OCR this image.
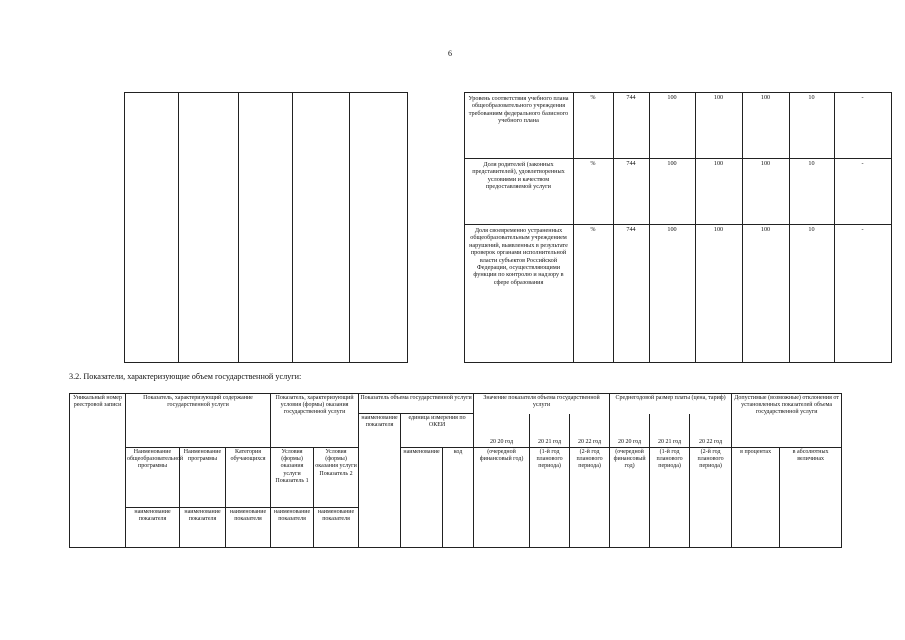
6
							Уровень соответствия учебного плана общеобразовательного учреждения требованиям федерального базисного учебного плана	%	744	100	100	100	10	-
							Доля родителей (законных представителей), удовлетворенных условиями и качеством предоставляемой услуги	%	744	100	100	100	10	-
							Доля своевременно устраненных общеобразовательным учреждением нарушений, выявленных в результате проверок органами исполнительной власти субъектов Российской Федерации, осуществляющими функции по контролю и надзору в сфере образования	%	744	100	100	100	10	-
3.2. Показатели, характеризующие объем государственной услуги:
Уникальный номер реестровой записи	Показатель, характеризующий содержание государственной услуги			Показатель, характеризующий условия (формы) оказания государственной услуги		Показатель объема государственной услуги			Значение показателя объема государственной услуги			Среднегодовой размер платы (цена, тариф)			Допустимые (возможные) отклонения от установленных показателей объема государственной услуги	
						наименование показателя	единица измерения по ОКЕИ		20 20 год	20 21 год	20 22 год	20 20 год	20 21 год	20 22 год		
	Наименование общеобразовательной программы	Наименование программы	Категория обучающихся	Условия (формы) оказания услуги Показатель 1	Условия (формы) оказания услуги Показатель 2		наименование	код	(очередной финансовый год)	(1-й год планового периода)	(2-й год планового периода)	(очередной финансовый год)	(1-й год планового периода)	(2-й год планового периода)	в процентах	в абсолютных величинах
	наименование показателя	наименование показателя	наименование показателя	наименование показателя	наименование показателя											
